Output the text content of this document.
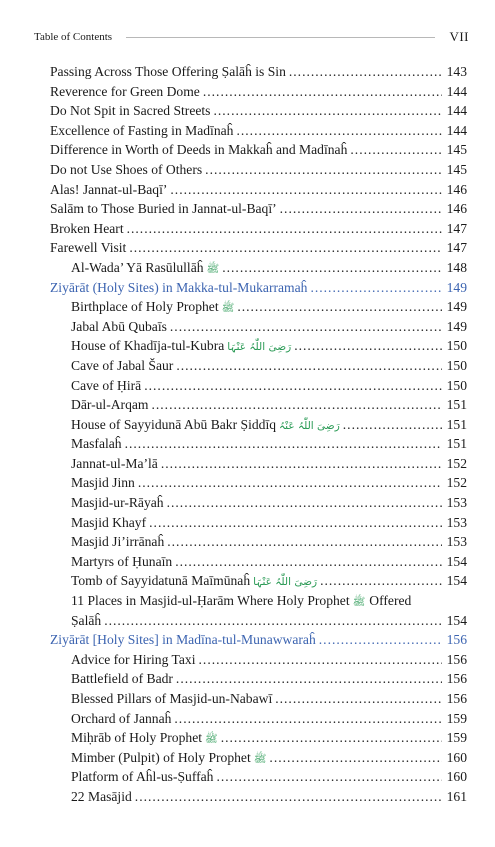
Table of Contents	VII
Passing Across Those Offering Ṣalāĥ is Sin .....	143
Reverence for Green Dome .....	144
Do Not Spit in Sacred Streets .....	144
Excellence of Fasting in Madīnaĥ .....	144
Difference in Worth of Deeds in Makkaĥ and Madīnaĥ .....	145
Do not Use Shoes of Others .....	145
Alas! Jannat-ul-Baqī’ .....	146
Salām to Those Buried in Jannat-ul-Baqī’ .....	146
Broken Heart .....	147
Farewell Visit .....	147
Al-Wada’ Yā Rasūlullāĥ ﷺ .....	148
Ziyārāt (Holy Sites) in Makka-tul-Mukarramaĥ .....	149
Birthplace of Holy Prophet ﷺ .....	149
Jabal Abū Qubaīs .....	149
House of Khadīja-tul-Kubra رَضِیَ اللّٰہُ عَنْہَا .....	150
Cave of Jabal Šaur .....	150
Cave of Ḥirā .....	150
Dār-ul-Arqam .....	151
House of Sayyidunā Abū Bakr Ṣiddīq رَضِیَ اللّٰہُ عَنْہُ .....	151
Masfalaĥ .....	151
Jannat-ul-Ma’lā .....	152
Masjid Jinn .....	152
Masjid-ur-Rāyaĥ .....	153
Masjid Khayf .....	153
Masjid Ji’irrānaĥ .....	153
Martyrs of Ḥunaīn .....	154
Tomb of Sayyidatunā Maīmūnaĥ رَضِیَ اللّٰہُ عَنْہَا .....	154
11 Places in Masjid-ul-Ḥarām Where Holy Prophet ﷺ Offered
Ṣalāĥ .....	154
Ziyārāt [Holy Sites] in Madīna-tul-Munawwaraĥ .....	156
Advice for Hiring Taxi .....	156
Battlefield of Badr .....	156
Blessed Pillars of Masjid-un-Nabawī .....	156
Orchard of Jannaĥ .....	159
Miḥrāb of Holy Prophet ﷺ .....	159
Mimber (Pulpit) of Holy Prophet ﷺ .....	160
Platform of Aĥl-us-Ṣuffaĥ .....	160
22 Masājid .....	161
